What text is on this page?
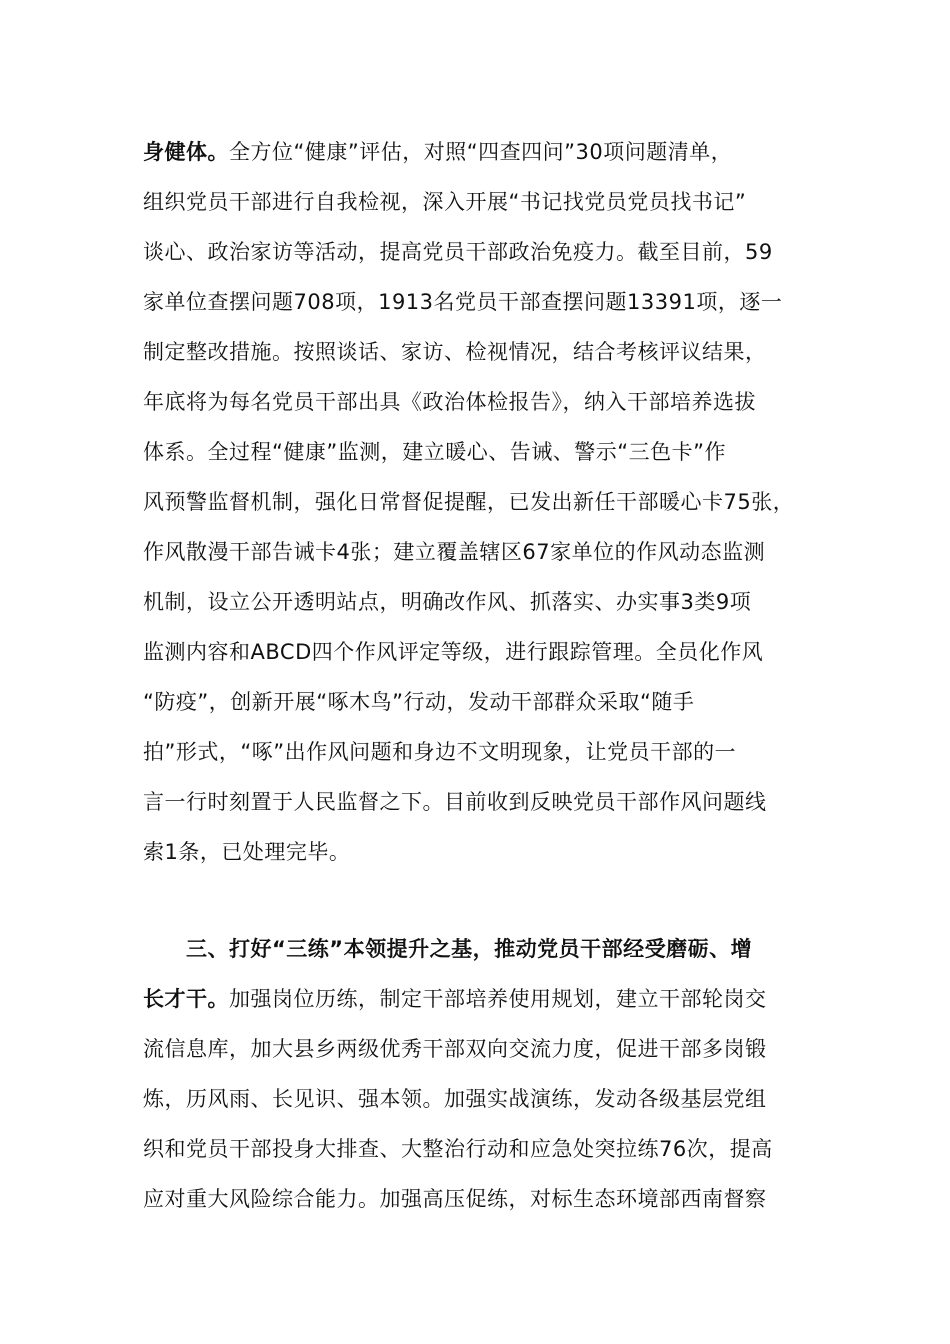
身健体。全方位“健康”评估，对照“四查四问”30项问题清单，
组织党员干部进行自我检视，深入开展“书记找党员党员找书记”
谈心、政治家访等活动，提高党员干部政治免疫力。截至目前，59
家单位查摆问题708项，1913名党员干部查摆问题13391项，逐一
制定整改措施。按照谈话、家访、检视情况，结合考核评议结果，
年底将为每名党员干部出具《政治体检报告》，纳入干部培养选拔
体系。全过程“健康”监测，建立暖心、告诫、警示“三色卡”作
风预警监督机制，强化日常督促提醒，已发出新任干部暖心卡75张，
作风散漫干部告诫卡4张；建立覆盖辖区67家单位的作风动态监测
机制，设立公开透明站点，明确改作风、抓落实、办实事3类9项
监测内容和ABCD四个作风评定等级，进行跟踪管理。全员化作风
“防疫”，创新开展“啄木鸟”行动，发动干部群众采取“随手
拍”形式，“啄”出作风问题和身边不文明现象，让党员干部的一
言一行时刻置于人民监督之下。目前收到反映党员干部作风问题线
索1条，已处理完毕。
三、打好“三练”本领提升之基，推动党员干部经受磨砺、增
长才干。加强岗位历练，制定干部培养使用规划，建立干部轮岗交
流信息库，加大县乡两级优秀干部双向交流力度，促进干部多岗锻
炼，历风雨、长见识、强本领。加强实战演练，发动各级基层党组
织和党员干部投身大排查、大整治行动和应急处突拉练76次，提高
应对重大风险综合能力。加强高压促练，对标生态环境部西南督察
